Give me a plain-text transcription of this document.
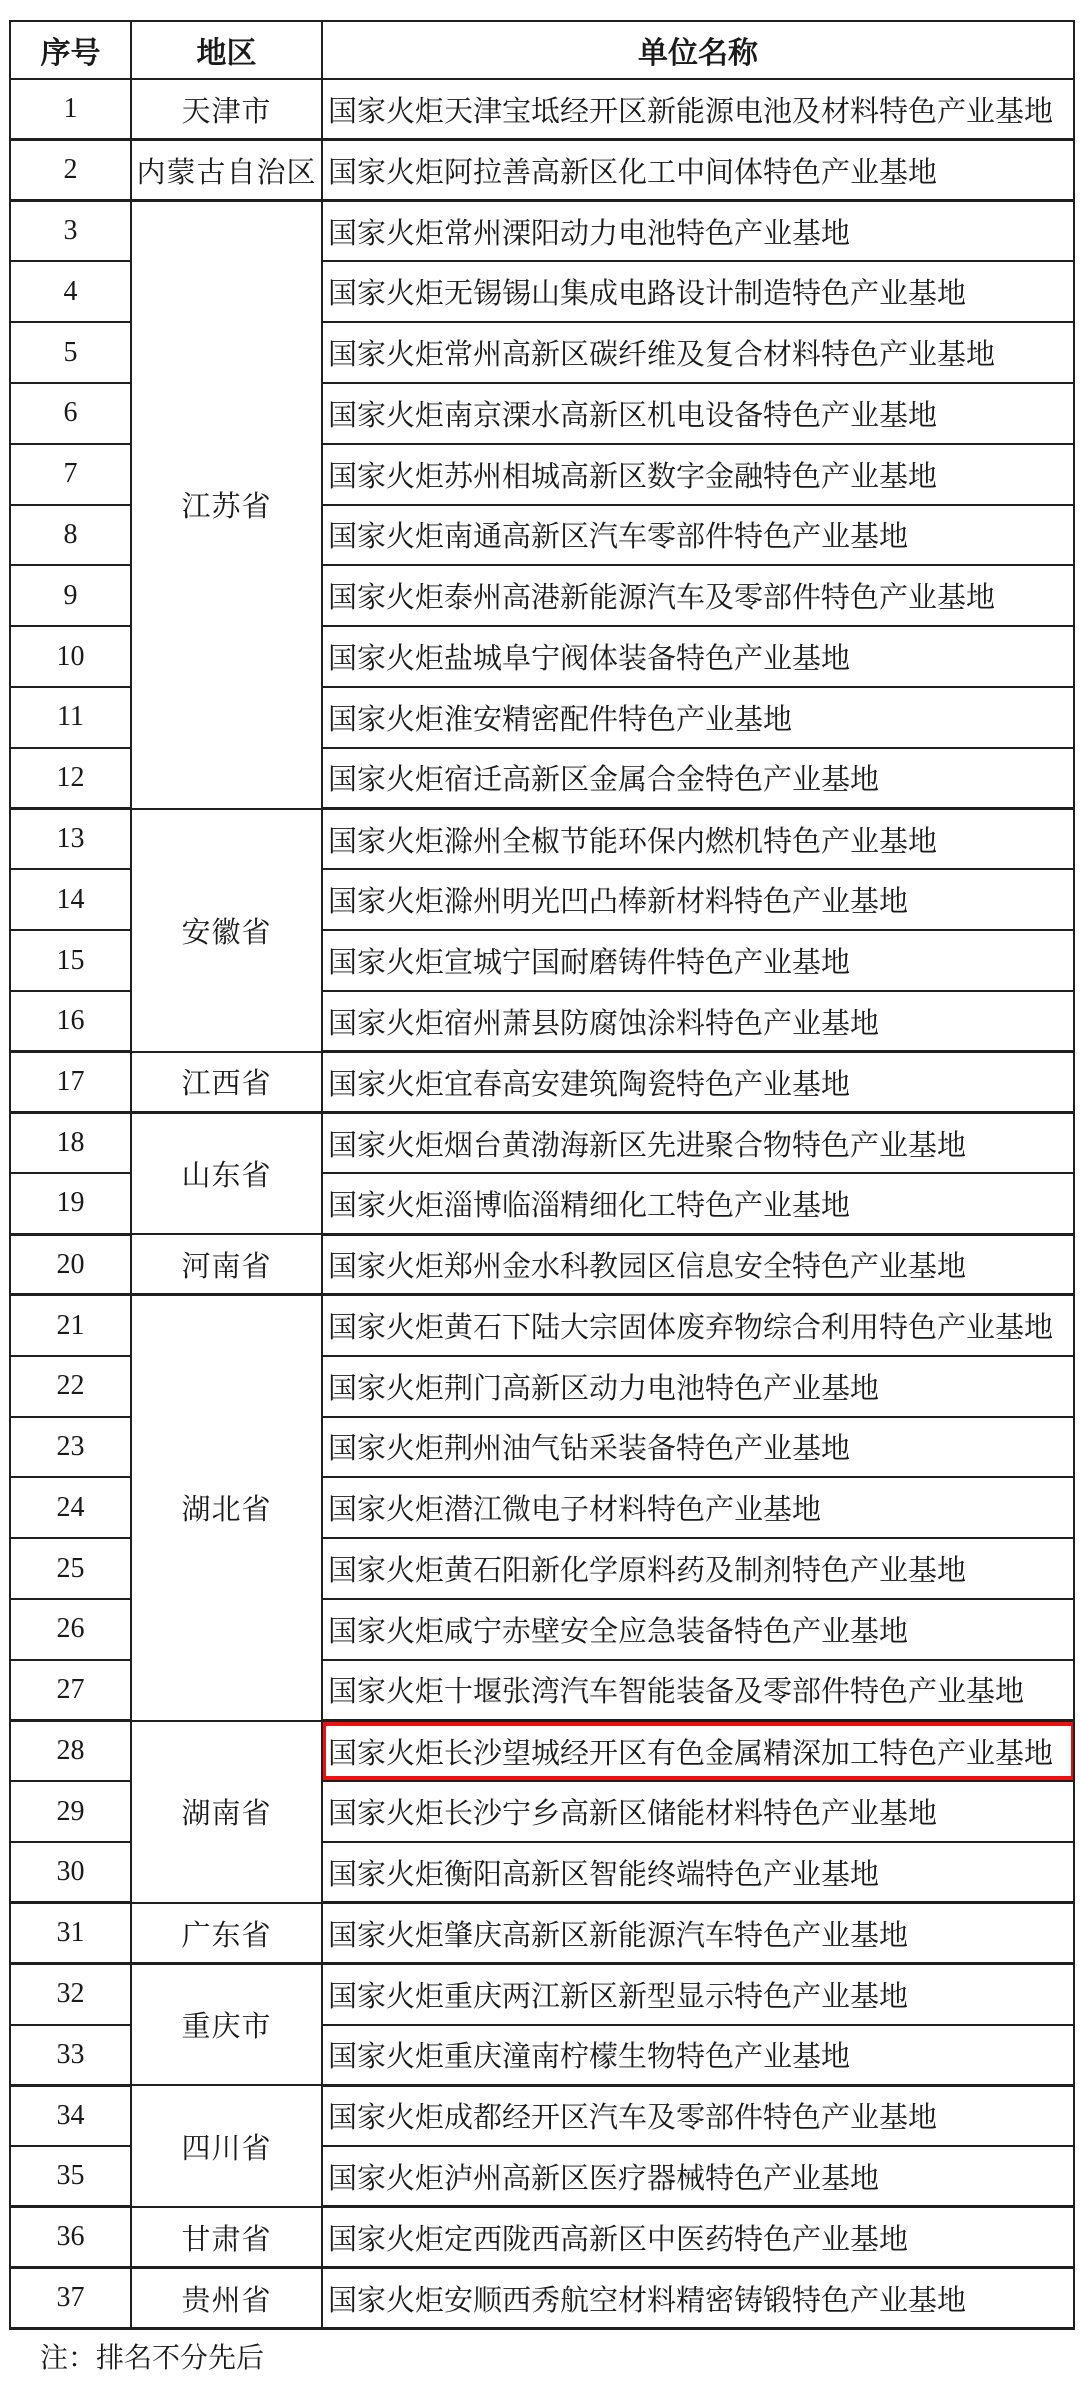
序号	地区	单位名称
1	天津市	国家火炬天津宝坻经开区新能源电池及材料特色产业基地
2	内蒙古自治区	国家火炬阿拉善高新区化工中间体特色产业基地
3	江苏省	国家火炬常州溧阳动力电池特色产业基地
4		国家火炬无锡锡山集成电路设计制造特色产业基地
5		国家火炬常州高新区碳纤维及复合材料特色产业基地
6		国家火炬南京溧水高新区机电设备特色产业基地
7		国家火炬苏州相城高新区数字金融特色产业基地
8		国家火炬南通高新区汽车零部件特色产业基地
9		国家火炬泰州高港新能源汽车及零部件特色产业基地
10		国家火炬盐城阜宁阀体装备特色产业基地
11		国家火炬淮安精密配件特色产业基地
12		国家火炬宿迁高新区金属合金特色产业基地
13	安徽省	国家火炬滁州全椒节能环保内燃机特色产业基地
14		国家火炬滁州明光凹凸棒新材料特色产业基地
15		国家火炬宣城宁国耐磨铸件特色产业基地
16		国家火炬宿州萧县防腐蚀涂料特色产业基地
17	江西省	国家火炬宜春高安建筑陶瓷特色产业基地
18	山东省	国家火炬烟台黄渤海新区先进聚合物特色产业基地
19		国家火炬淄博临淄精细化工特色产业基地
20	河南省	国家火炬郑州金水科教园区信息安全特色产业基地
21	湖北省	国家火炬黄石下陆大宗固体废弃物综合利用特色产业基地
22		国家火炬荆门高新区动力电池特色产业基地
23		国家火炬荆州油气钻采装备特色产业基地
24		国家火炬潜江微电子材料特色产业基地
25		国家火炬黄石阳新化学原料药及制剂特色产业基地
26		国家火炬咸宁赤壁安全应急装备特色产业基地
27		国家火炬十堰张湾汽车智能装备及零部件特色产业基地
28	湖南省	国家火炬长沙望城经开区有色金属精深加工特色产业基地

29		国家火炬长沙宁乡高新区储能材料特色产业基地
30		国家火炬衡阳高新区智能终端特色产业基地
31	广东省	国家火炬肇庆高新区新能源汽车特色产业基地
32	重庆市	国家火炬重庆两江新区新型显示特色产业基地
33		国家火炬重庆潼南柠檬生物特色产业基地
34	四川省	国家火炬成都经开区汽车及零部件特色产业基地
35		国家火炬泸州高新区医疗器械特色产业基地
36	甘肃省	国家火炬定西陇西高新区中医药特色产业基地
37	贵州省	国家火炬安顺西秀航空材料精密铸锻特色产业基地
注：排名不分先后
